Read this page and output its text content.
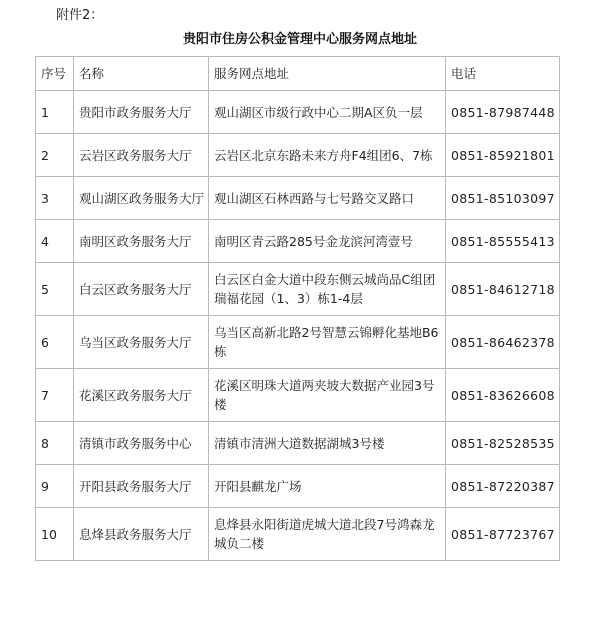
附件2：
贵阳市住房公积金管理中心服务网点地址
序号	名称	服务网点地址	电话
1	贵阳市政务服务大厅	观山湖区市级行政中心二期A区负一层	0851-87987448
2	云岩区政务服务大厅	云岩区北京东路未来方舟F4组团6、7栋	0851-85921801
3	观山湖区政务服务大厅	观山湖区石林西路与七号路交叉路口	0851-85103097
4	南明区政务服务大厅	南明区青云路285号金龙滨河湾壹号	0851-85555413
5	白云区政务服务大厅	白云区白金大道中段东侧云城尚品C组团瑞福花园（1、3）栋1-4层	0851-84612718
6	乌当区政务服务大厅	乌当区高新北路2号智慧云锦孵化基地B6栋	0851-86462378
7	花溪区政务服务大厅	花溪区明珠大道两夹坡大数据产业园3号楼	0851-83626608
8	清镇市政务服务中心	清镇市清洲大道数据湖城3号楼	0851-82528535
9	开阳县政务服务大厅	开阳县麒龙广场	0851-87220387
10	息烽县政务服务大厅	息烽县永阳街道虎城大道北段7号鸿森龙城负二楼	0851-87723767
